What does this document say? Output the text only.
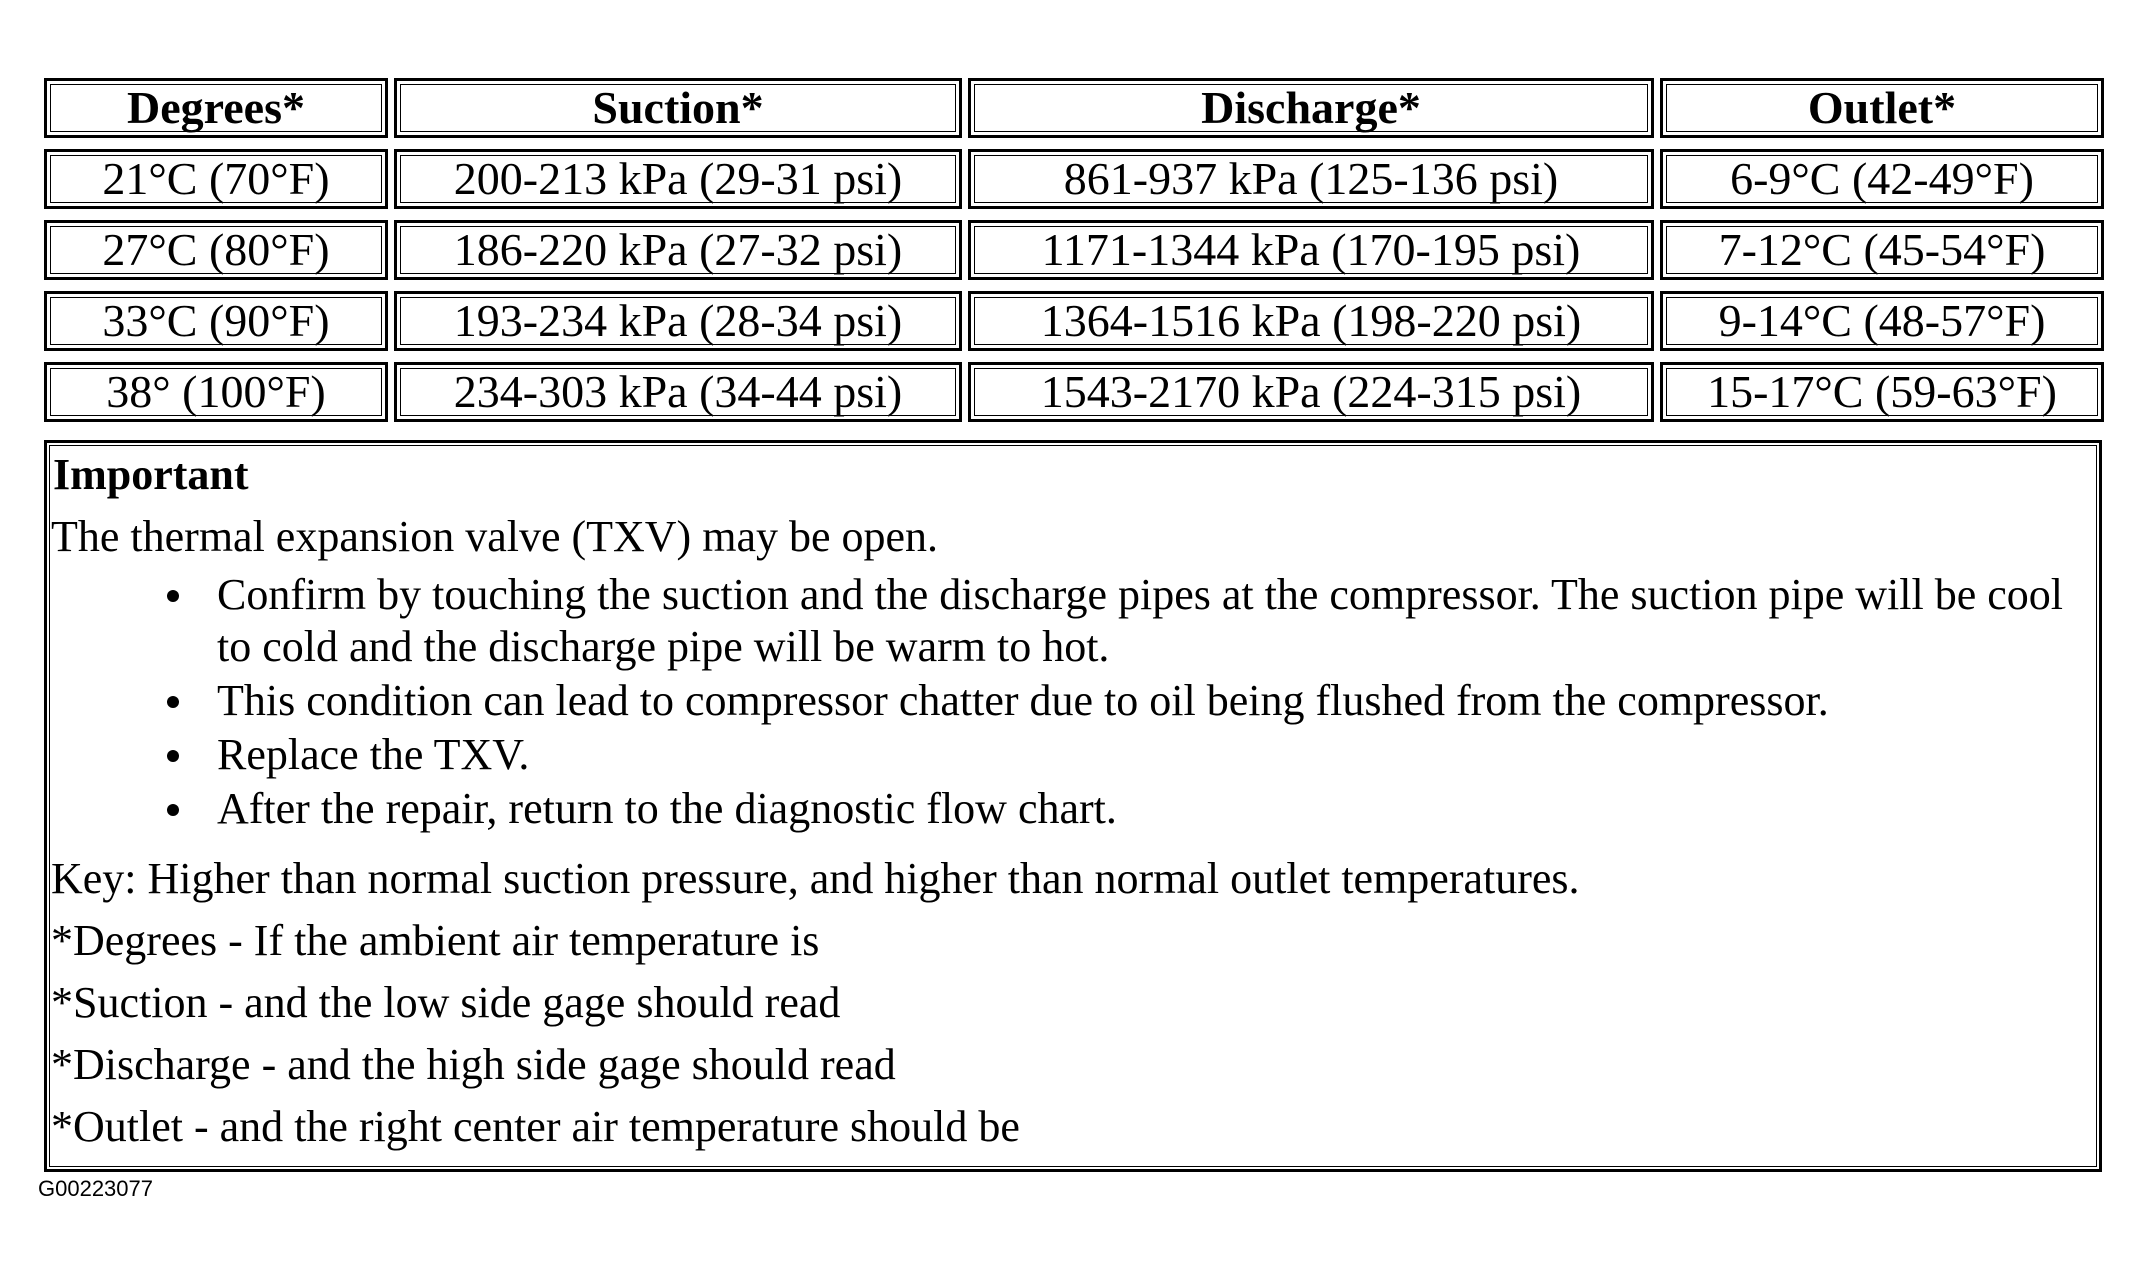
Degrees*	Suction*	Discharge*	Outlet*
21°C (70°F)	200-213 kPa (29-31 psi)	861-937 kPa (125-136 psi)	6-9°C (42-49°F)
27°C (80°F)	186-220 kPa (27-32 psi)	1171-1344 kPa (170-195 psi)	7-12°C (45-54°F)
33°C (90°F)	193-234 kPa (28-34 psi)	1364-1516 kPa (198-220 psi)	9-14°C (48-57°F)
38° (100°F)	234-303 kPa (34-44 psi)	1543-2170 kPa (224-315 psi)	15-17°C (59-63°F)
Important
The thermal expansion valve (TXV) may be open.
Confirm by touching the suction and the discharge pipes at the compressor. The suction pipe will be cool to cold and the discharge pipe will be warm to hot.
This condition can lead to compressor chatter due to oil being flushed from the compressor.
Replace the TXV.
After the repair, return to the diagnostic flow chart.
Key: Higher than normal suction pressure, and higher than normal outlet temperatures.
*Degrees - If the ambient air temperature is
*Suction - and the low side gage should read
*Discharge - and the high side gage should read
*Outlet - and the right center air temperature should be
G00223077
